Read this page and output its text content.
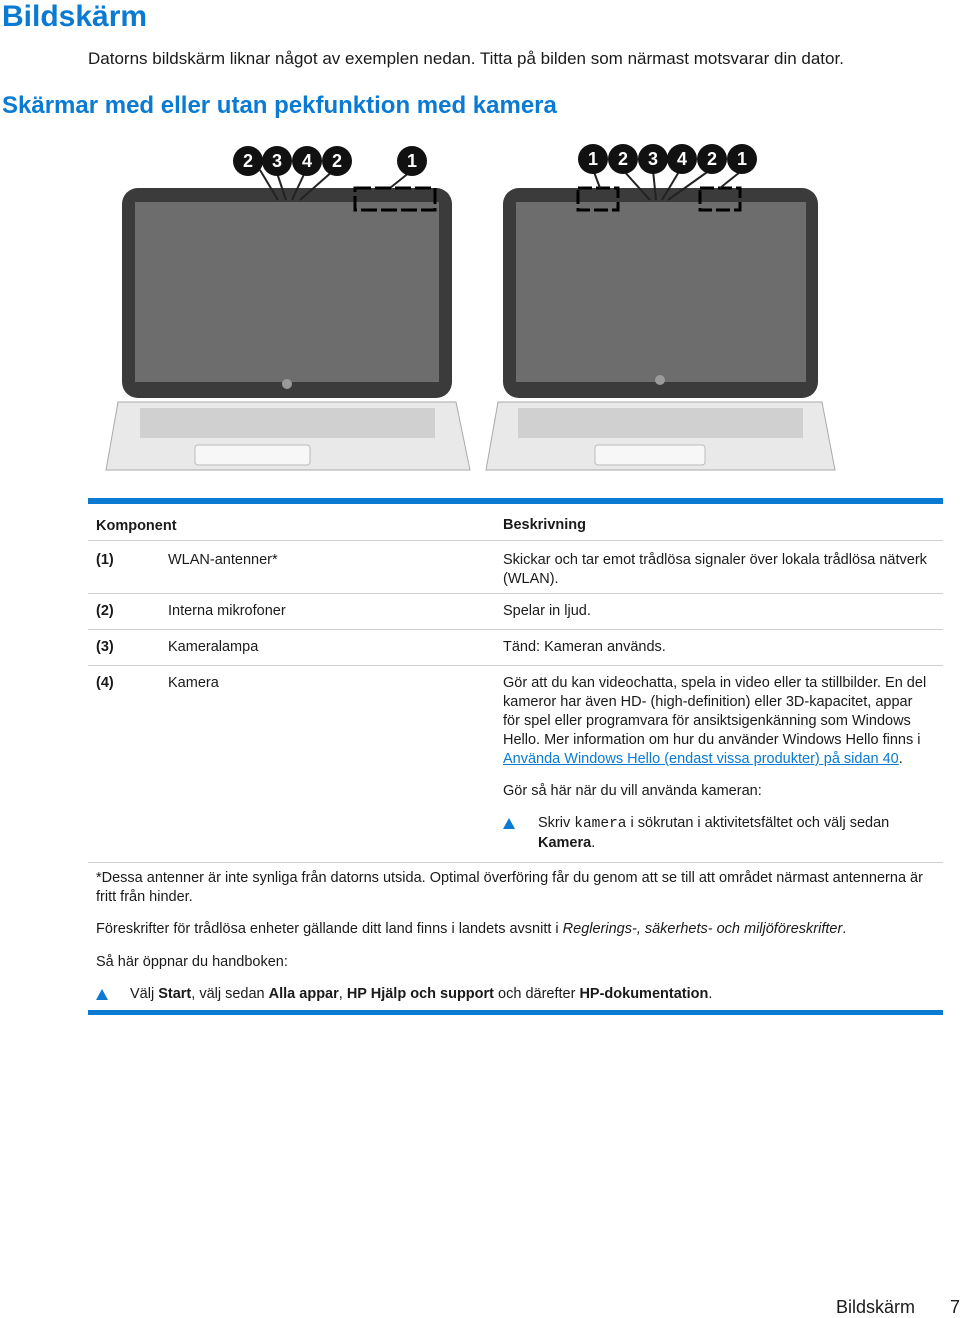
Bildskärm
Datorns bildskärm liknar något av exemplen nedan. Titta på bilden som närmast motsvarar din dator.
Skärmar med eller utan pekfunktion med kamera
2	3	4	2	1	1	2	3	4	2	1
Komponent	Beskrivning
(1)	WLAN-antenner*	Skickar och tar emot trådlösa signaler över lokala trådlösa nätverk (WLAN).
(2)	Interna mikrofoner	Spelar in ljud.
(3)	Kameralampa	Tänd: Kameran används.
(4)	Kamera	Gör att du kan videochatta, spela in video eller ta stillbilder. En del kameror har även HD- (high-definition) eller 3D-kapacitet, appar för spel eller programvara för ansiktsigenkänning som Windows Hello. Mer information om hur du använder Windows Hello finns i Använda Windows Hello (endast vissa produkter) på sidan 40.
Gör så här när du vill använda kameran:
Skriv kamera i sökrutan i aktivitetsfältet och välj sedan Kamera.
*Dessa antenner är inte synliga från datorns utsida. Optimal överföring får du genom att se till att området närmast antennerna är fritt från hinder.
Föreskrifter för trådlösa enheter gällande ditt land finns i landets avsnitt i Reglerings-, säkerhets- och miljöföreskrifter.
Så här öppnar du handboken:
Välj Start, välj sedan Alla appar, HP Hjälp och support och därefter HP-dokumentation.
Bildskärm 7
